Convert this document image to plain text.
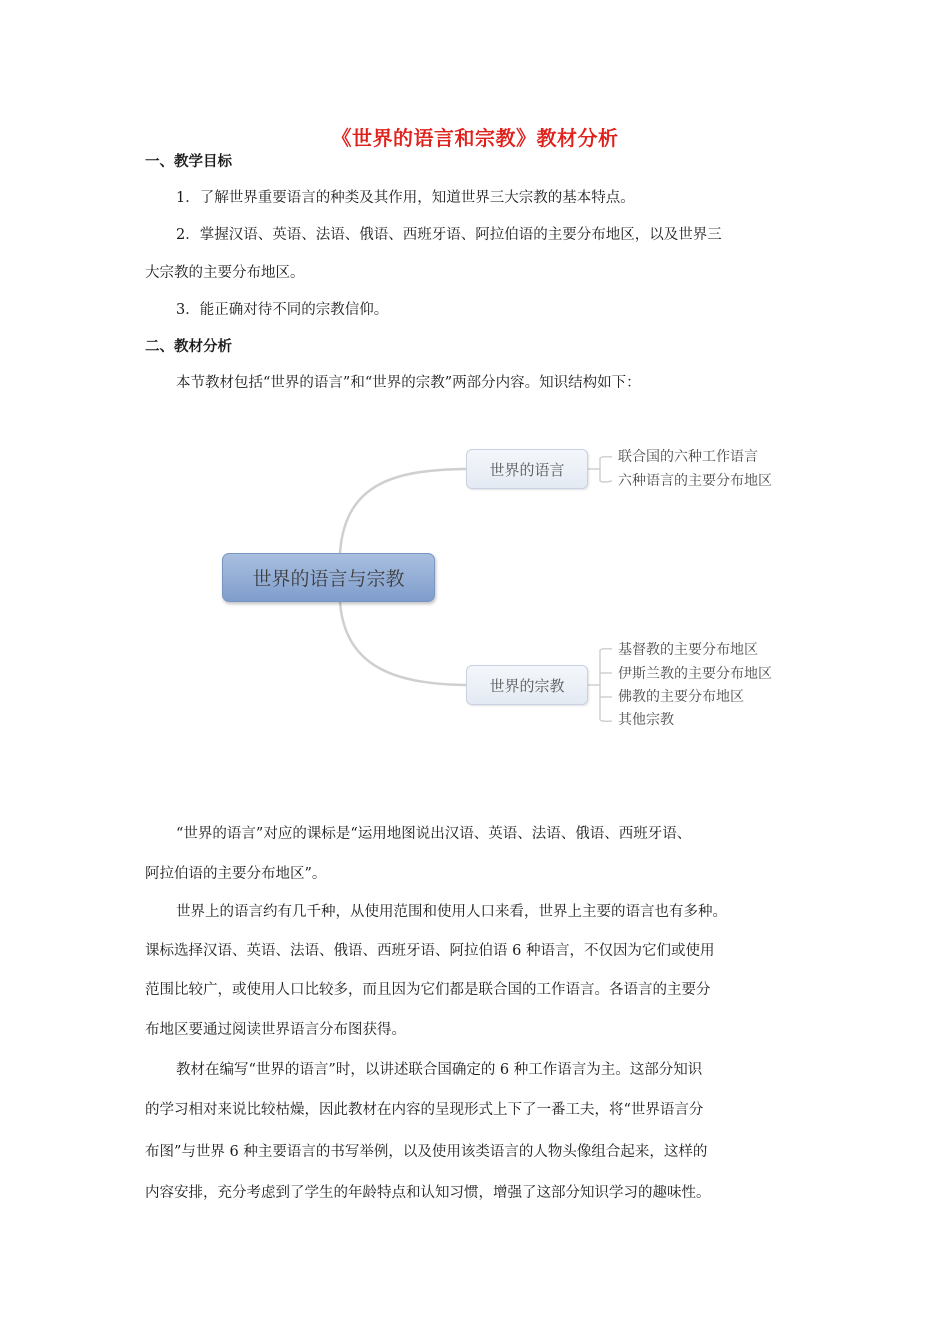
《世界的语言和宗教》教材分析
一、教学目标
1．了解世界重要语言的种类及其作用，知道世界三大宗教的基本特点。
2．掌握汉语、英语、法语、俄语、西班牙语、阿拉伯语的主要分布地区，以及世界三
大宗教的主要分布地区。
3．能正确对待不同的宗教信仰。
二、教材分析
本节教材包括“世界的语言”和“世界的宗教”两部分内容。知识结构如下：
世界的语言与宗教
世界的语言
世界的宗教
联合国的六种工作语言
六种语言的主要分布地区
基督教的主要分布地区
伊斯兰教的主要分布地区
佛教的主要分布地区
其他宗教
“世界的语言”对应的课标是“运用地图说出汉语、英语、法语、俄语、西班牙语、
阿拉伯语的主要分布地区”。
世界上的语言约有几千种，从使用范围和使用人口来看，世界上主要的语言也有多种。
课标选择汉语、英语、法语、俄语、西班牙语、阿拉伯语 6 种语言，不仅因为它们或使用
范围比较广，或使用人口比较多，而且因为它们都是联合国的工作语言。各语言的主要分
布地区要通过阅读世界语言分布图获得。
教材在编写“世界的语言”时，以讲述联合国确定的 6 种工作语言为主。这部分知识
的学习相对来说比较枯燥，因此教材在内容的呈现形式上下了一番工夫，将“世界语言分
布图”与世界 6 种主要语言的书写举例，以及使用该类语言的人物头像组合起来，这样的
内容安排，充分考虑到了学生的年龄特点和认知习惯，增强了这部分知识学习的趣味性。
